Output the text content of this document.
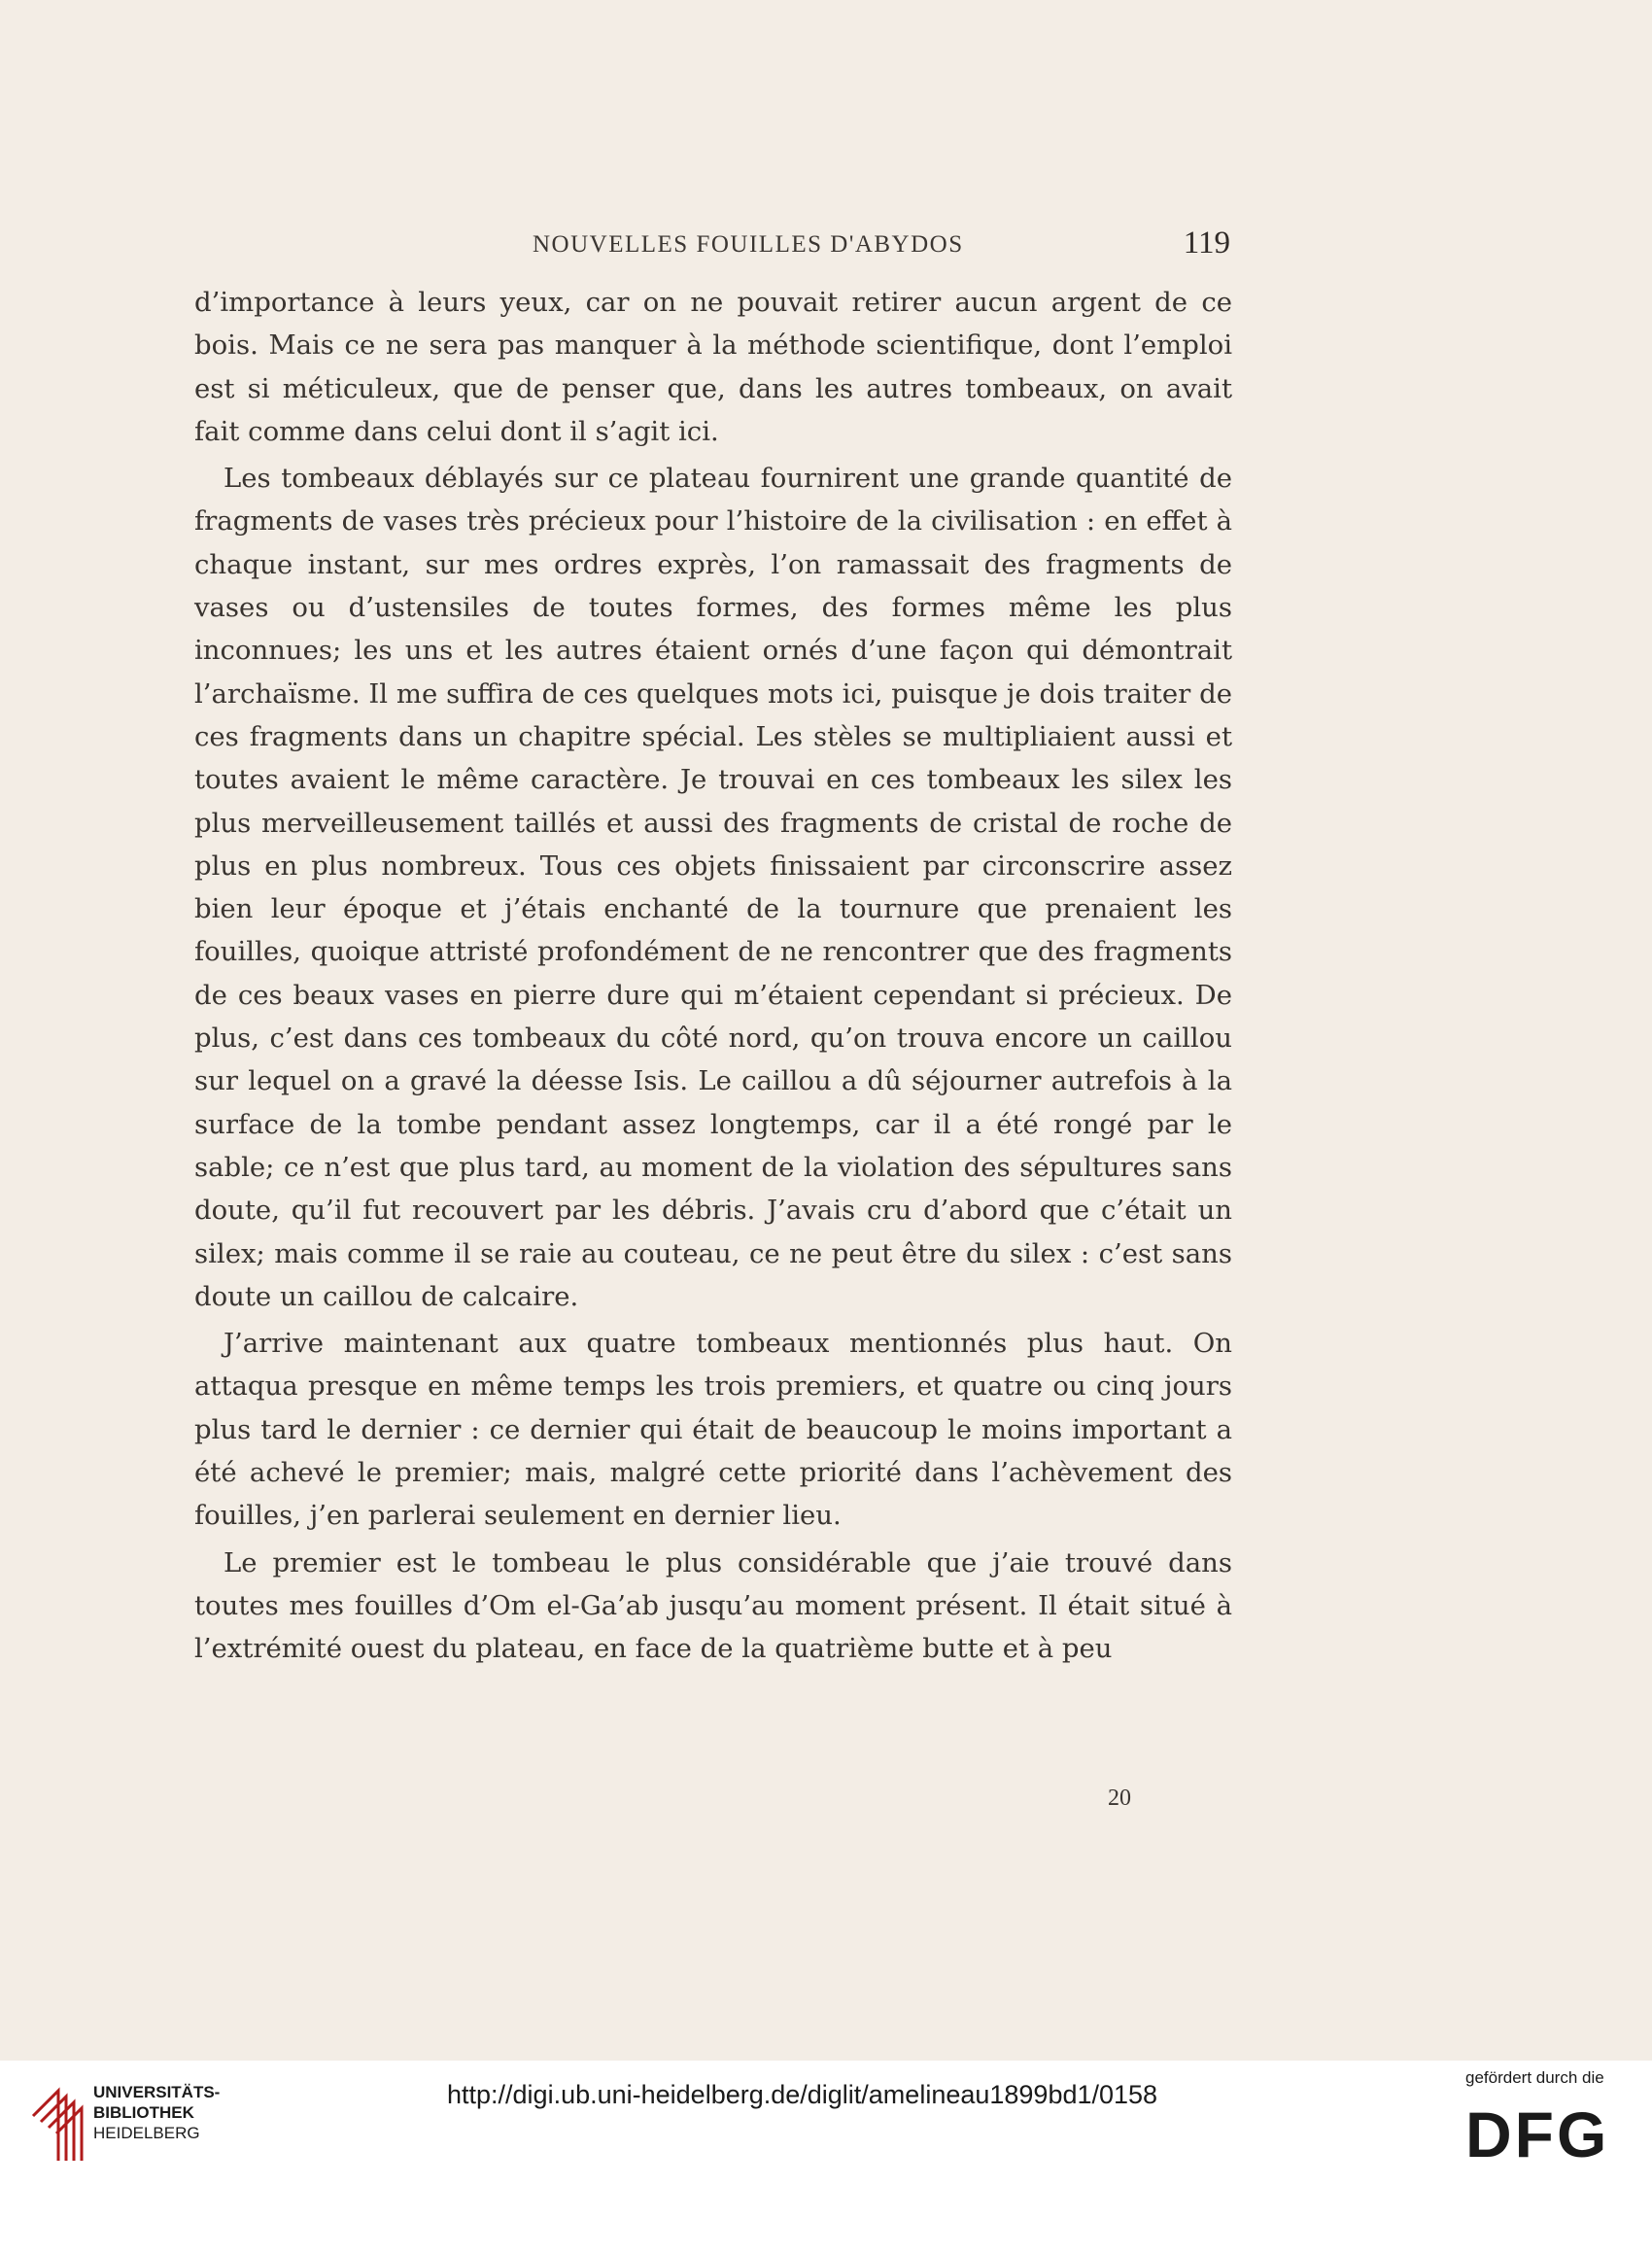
NOUVELLES FOUILLES D'ABYDOS	119

d’importance à leurs yeux, car on ne pouvait retirer aucun argent de ce bois. Mais ce ne sera pas manquer à la méthode scientifique, dont l’emploi est si méticuleux, que de penser que, dans les autres tombeaux, on avait fait comme dans celui dont il s’agit ici.

Les tombeaux déblayés sur ce plateau fournirent une grande quantité de fragments de vases très précieux pour l’histoire de la civilisation : en effet à chaque instant, sur mes ordres exprès, l’on ramassait des fragments de vases ou d’ustensiles de toutes formes, des formes même les plus inconnues; les uns et les autres étaient ornés d’une façon qui démontrait l’archaïsme. Il me suffira de ces quelques mots ici, puisque je dois traiter de ces fragments dans un chapitre spécial. Les stèles se multipliaient aussi et toutes avaient le même caractère. Je trouvai en ces tombeaux les silex les plus merveilleusement taillés et aussi des fragments de cristal de roche de plus en plus nombreux. Tous ces objets finissaient par circonscrire assez bien leur époque et j’étais enchanté de la tournure que prenaient les fouilles, quoique attristé profondément de ne rencontrer que des fragments de ces beaux vases en pierre dure qui m’étaient cependant si précieux. De plus, c’est dans ces tombeaux du côté nord, qu’on trouva encore un caillou sur lequel on a gravé la déesse Isis. Le caillou a dû séjourner autrefois à la surface de la tombe pendant assez longtemps, car il a été rongé par le sable; ce n’est que plus tard, au moment de la violation des sépultures sans doute, qu’il fut recouvert par les débris. J’avais cru d’abord que c’était un silex; mais comme il se raie au couteau, ce ne peut être du silex : c’est sans doute un caillou de calcaire.

J’arrive maintenant aux quatre tombeaux mentionnés plus haut. On attaqua presque en même temps les trois premiers, et quatre ou cinq jours plus tard le dernier : ce dernier qui était de beaucoup le moins important a été achevé le premier; mais, malgré cette priorité dans l’achèvement des fouilles, j’en parlerai seulement en dernier lieu.

Le premier est le tombeau le plus considérable que j’aie trouvé dans toutes mes fouilles d’Om el-Ga’ab jusqu’au moment présent. Il était situé à l’extrémité ouest du plateau, en face de la quatrième butte et à peu

20
UNIVERSITÄTS-
BIBLIOTHEK
HEIDELBERG
http://digi.ub.uni-heidelberg.de/diglit/amelineau1899bd1/0158
gefördert durch die
DFG
